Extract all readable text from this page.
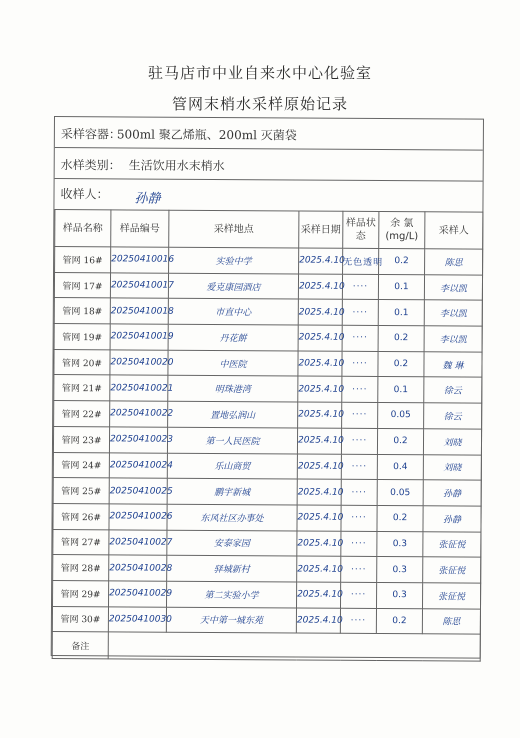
驻马店市中业自来水中心化验室
管网末梢水采样原始记录
采样容器：
500ml 聚乙烯瓶、200ml 灭菌袋
水样类别： 生活饮用水末梢水
收样人： 孙静
样品名称	样品编号	采样地点	采样日期	样品状态	余 氯 (mg/L)	采样人
管网 16#	20250410016	实验中学	2025.4.10	无色透明	0.2	陈思
管网 17#	20250410017	爱克康园酒店	2025.4.10	····	0.1	李以凯
管网 18#	20250410018	市直中心	2025.4.10	····	0.1	李以凯
管网 19#	20250410019	丹花餠	2025.4.10	····	0.2	李以凯
管网 20#	20250410020	中医院	2025.4.10	····	0.2	魏 琳
管网 21#	20250410021	明珠港湾	2025.4.10	····	0.1	徐云
管网 22#	20250410022	置地弘润山	2025.4.10	····	0.05	徐云
管网 23#	20250410023	第一人民医院	2025.4.10	····	0.2	刘晓
管网 24#	20250410024	乐山商贸	2025.4.10	····	0.4	刘晓
管网 25#	20250410025	鹏宇新城	2025.4.10	····	0.05	孙静
管网 26#	20250410026	东风社区办事处	2025.4.10	····	0.2	孙静
管网 27#	20250410027	安泰家园	2025.4.10	····	0.3	张征悦
管网 28#	20250410028	驿城新村	2025.4.10	····	0.3	张征悦
管网 29#	20250410029	第二实验小学	2025.4.10	····	0.3	张征悦
管网 30#	20250410030	天中第一城东苑	2025.4.10	····	0.2	陈思
备注						
